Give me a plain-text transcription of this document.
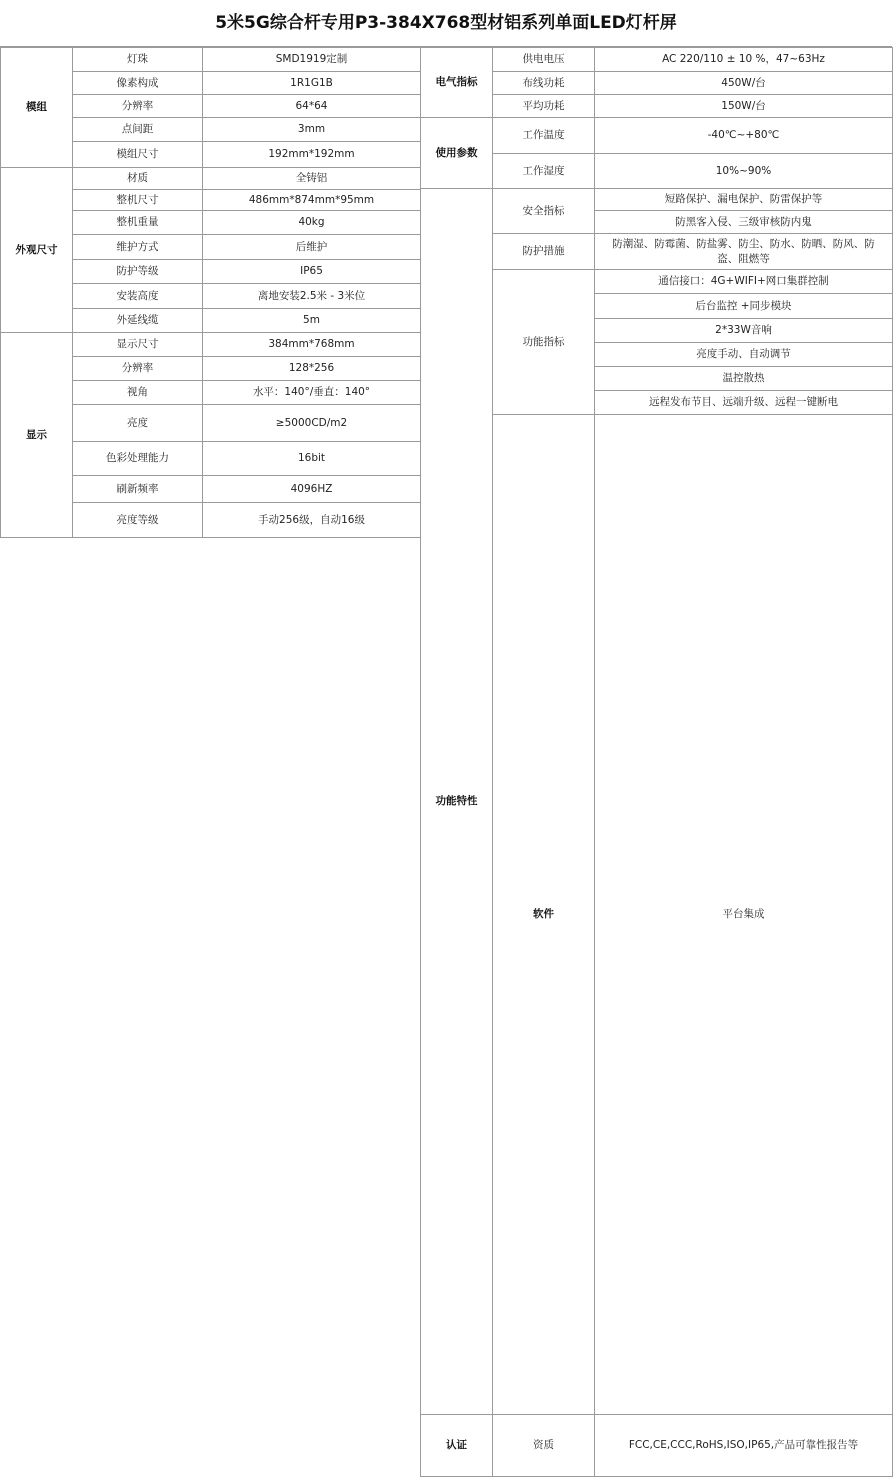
5米5G综合杆专用P3-384X768型材铝系列单面LED灯杆屏
模组	灯珠	SMD1919定制
	像素构成	1R1G1B
	分辨率	64*64
	点间距	3mm
	模组尺寸	192mm*192mm
外观尺寸	材质	全铸铝
	整机尺寸	486mm*874mm*95mm
	整机重量	40kg
	维护方式	后维护
	防护等级	IP65
	安装高度	离地安装2.5米 - 3米位
	外延线缆	5m
显示	显示尺寸	384mm*768mm
	分辨率	128*256
	视角	水平：140°/垂直：140°
	亮度	≥5000CD/m2
	色彩处理能力	16bit
	刷新频率	4096HZ
	亮度等级	手动256级，自动16级
电气指标	供电电压	AC 220/110 ± 10 %，47~63Hz	
	布线功耗	450W/台	
	平均功耗	150W/台	
使用参数	工作温度	-40℃~+80℃	
	工作湿度	10%~90%	
功能特性	安全指标	短路保护、漏电保护、防雷保护等	
		防黑客入侵、三级审核防内鬼	
	防护措施	防潮湿、防霉菌、防盐雾、防尘、防水、防晒、防风、防盗、阻燃等	
	功能指标	通信接口：4G+WIFI+网口集群控制	
		后台监控 +同步模块	
		2*33W音响	
		亮度手动、自动调节	
		温控散热	
		远程发布节目、远端升级、远程一键断电	
	软件	平台集成	
认证	资质	FCC,CE,CCC,RoHS,ISO,IP65,产品可靠性报告等	
